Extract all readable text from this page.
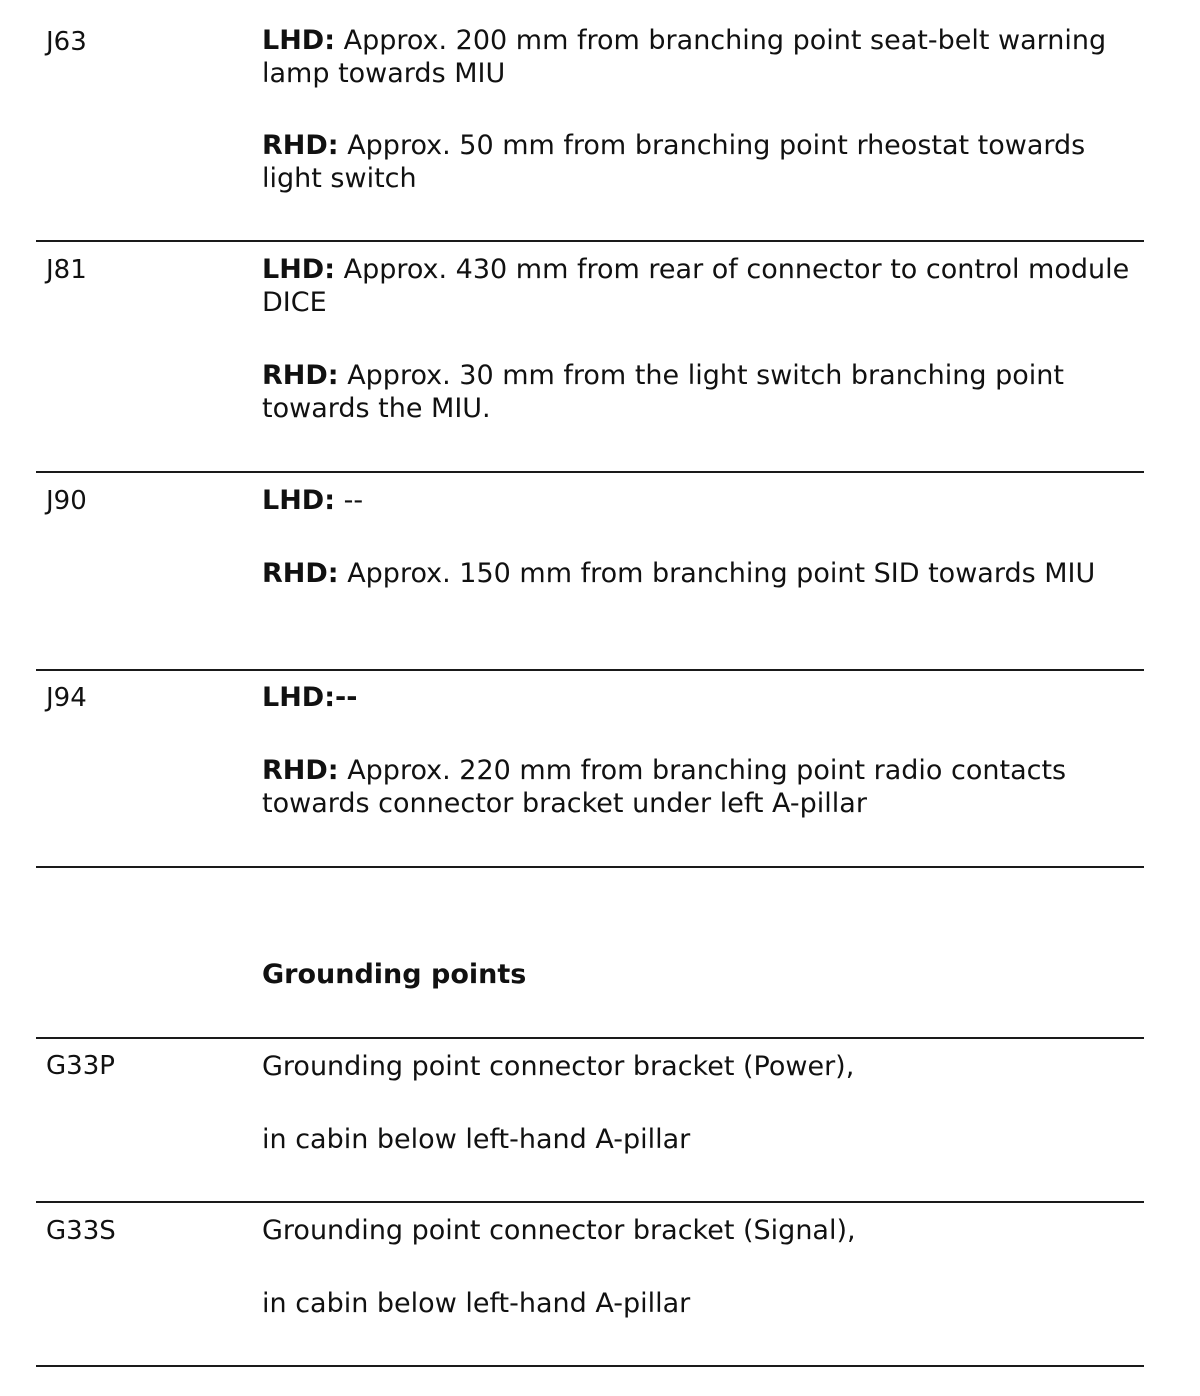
J63	LHD: Approx. 200 mm from branching point seat-belt warning lamp towards MIU
RHD: Approx. 50 mm from branching point rheostat towards light switch
J81	LHD: Approx. 430 mm from rear of connector to control module DICE
RHD: Approx. 30 mm from the light switch branching point towards the MIU.
J90	LHD: --
RHD: Approx. 150 mm from branching point SID towards MIU
J94	LHD:--
RHD: Approx. 220 mm from branching point radio contacts towards connector bracket under left A-pillar
Grounding points
G33P	Grounding point connector bracket (Power),
in cabin below left-hand A-pillar
G33S	Grounding point connector bracket (Signal),
in cabin below left-hand A-pillar
